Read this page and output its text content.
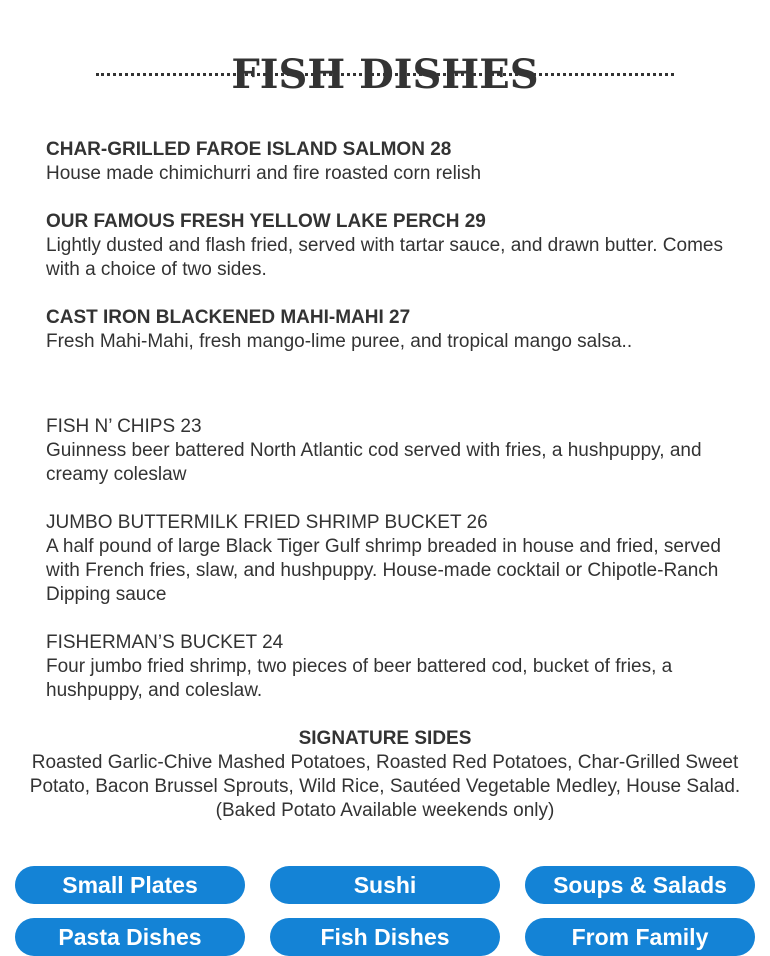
FISH DISHES
CHAR-GRILLED FAROE ISLAND SALMON 28
House made chimichurri and fire roasted corn relish
OUR FAMOUS FRESH YELLOW LAKE PERCH 29
Lightly dusted and flash fried, served with tartar sauce, and drawn butter. Comes with a choice of two sides.
CAST IRON BLACKENED MAHI-MAHI 27
Fresh Mahi-Mahi, fresh mango-lime puree, and tropical mango salsa..
FISH N’ CHIPS 23
Guinness beer battered North Atlantic cod served with fries, a hushpuppy, and creamy coleslaw
JUMBO BUTTERMILK FRIED SHRIMP BUCKET 26
A half pound of large Black Tiger Gulf shrimp breaded in house and fried, served with French fries, slaw, and hushpuppy. House-made cocktail or Chipotle-Ranch Dipping sauce
FISHERMAN’S BUCKET 24
Four jumbo fried shrimp, two pieces of beer battered cod, bucket of fries, a hushpuppy, and coleslaw.
SIGNATURE SIDES
Roasted Garlic-Chive Mashed Potatoes, Roasted Red Potatoes, Char-Grilled Sweet Potato, Bacon Brussel Sprouts, Wild Rice, Sautéed Vegetable Medley, House Salad. (Baked Potato Available weekends only)
Small Plates	Sushi	Soups & Salads
Pasta Dishes	Fish Dishes	From Family
